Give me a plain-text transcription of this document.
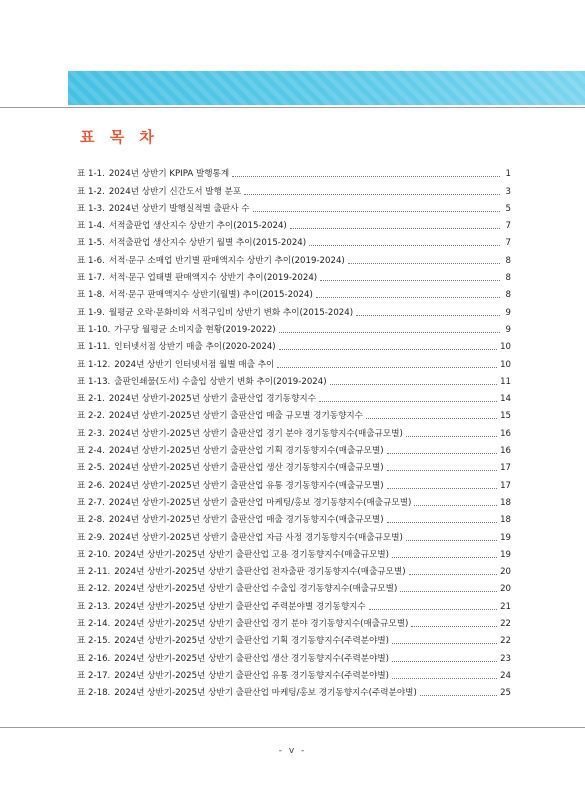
표 목 차
표 1-1. 2024년 상반기 KPIPA 발행통계	1
표 1-2. 2024년 상반기 신간도서 발행 분포	3
표 1-3. 2024년 상반기 발행실적별 출판사 수	5
표 1-4. 서적출판업 생산지수 상반기 추이(2015-2024)	7
표 1-5. 서적출판업 생산지수 상반기 월별 추이(2015-2024)	7
표 1-6. 서적·문구 소매업 반기별 판매액지수 상반기 추이(2019-2024)	8
표 1-7. 서적·문구 업태별 판매액지수 상반기 추이(2019-2024)	8
표 1-8. 서적·문구 판매액지수 상반기(월별) 추이(2015-2024)	8
표 1-9. 월평균 오락·문화비와 서적구입비 상반기 변화 추이(2015-2024)	9
표 1-10. 가구당 월평균 소비지출 현황(2019-2022)	9
표 1-11. 인터넷서점 상반기 매출 추이(2020-2024)	10
표 1-12. 2024년 상반기 인터넷서점 월별 매출 추이	10
표 1-13. 출판인쇄물(도서) 수출입 상반기 변화 추이(2019-2024)	11
표 2-1. 2024년 상반기-2025년 상반기 출판산업 경기동향지수	14
표 2-2. 2024년 상반기-2025년 상반기 출판산업 매출 규모별 경기동향지수	15
표 2-3. 2024년 상반기-2025년 상반기 출판산업 경기 분야 경기동향지수(매출규모별)	16
표 2-4. 2024년 상반기-2025년 상반기 출판산업 기획 경기동향지수(매출규모별)	16
표 2-5. 2024년 상반기-2025년 상반기 출판산업 생산 경기동향지수(매출규모별)	17
표 2-6. 2024년 상반기-2025년 상반기 출판산업 유통 경기동향지수(매출규모별)	17
표 2-7. 2024년 상반기-2025년 상반기 출판산업 마케팅/홍보 경기동향지수(매출규모별)	18
표 2-8. 2024년 상반기-2025년 상반기 출판산업 매출 경기동향지수(매출규모별)	18
표 2-9. 2024년 상반기-2025년 상반기 출판산업 자금 사정 경기동향지수(매출규모별)	19
표 2-10. 2024년 상반기-2025년 상반기 출판산업 고용 경기동향지수(매출규모별)	19
표 2-11. 2024년 상반기-2025년 상반기 출판산업 전자출판 경기동향지수(매출규모별)	20
표 2-12. 2024년 상반기-2025년 상반기 출판산업 수출입 경기동향지수(매출규모별)	20
표 2-13. 2024년 상반기-2025년 상반기 출판산업 주력분야별 경기동향지수	21
표 2-14. 2024년 상반기-2025년 상반기 출판산업 경기 분야 경기동향지수(매출규모별)	22
표 2-15. 2024년 상반기-2025년 상반기 출판산업 기획 경기동향지수(주력분야별)	22
표 2-16. 2024년 상반기-2025년 상반기 출판산업 생산 경기동향지수(주력분야별)	23
표 2-17. 2024년 상반기-2025년 상반기 출판산업 유통 경기동향지수(주력분야별)	24
표 2-18. 2024년 상반기-2025년 상반기 출판산업 마케팅/홍보 경기동향지수(주력분야별)	25
- v -
